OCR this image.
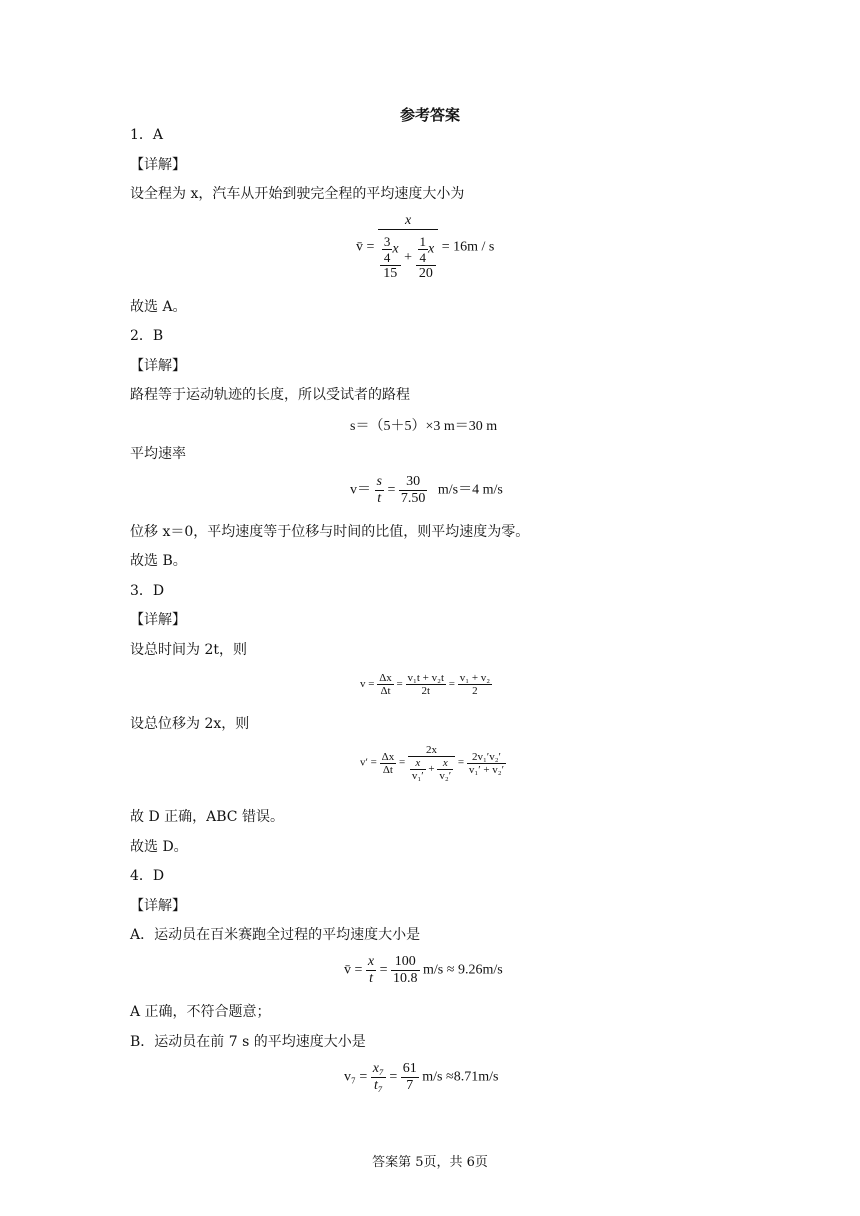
参考答案
1．A
【详解】
设全程为 x，汽车从开始到驶完全程的平均速度大小为
v̄ =
x
$\frac{\frac{3}{4} x}{15} + \frac{\frac{1}{4} x}{20} = 16m / s$
故选 A。
2．B
【详解】
路程等于运动轨迹的长度，所以受试者的路程
s＝（5＋5）×3 m＝30 m
平均速率
$v= \frac{s}{t} = \frac{30}{7.50} m/s=4$ m/s
位移 x＝0，平均速度等于位移与时间的比值，则平均速度为零。
故选 B。
3．D
【详解】
设总时间为 2t，则
$v = \frac{\Delta x}{\Delta t} = \frac{\text{v₁t + v₂t}}{2t} = \frac{\text{v₁ + v₂}}{2}$
设总位移为 2x，则
$v' = \frac{\Delta x}{\Delta t} = \frac{2x}{\frac{x}{\text{v₁′}} + \frac{x}{\text{v₂′}}} = \frac{\text{2v₁′v₂′}}{\text{v₁′ + v₂′}}$
故 D 正确，ABC 错误。
故选 D。
4．D
【详解】
A．运动员在百米赛跑全过程的平均速度大小是
v̄ = $\frac{x}{t} = \frac{100}{10.8} m/s \approx 9.26m/s$
A 正确，不符合题意；
B．运动员在前 7 s 的平均速度大小是
$v_7 = \frac{\text{x₇}}{\text{t₇}} = \frac{61}{7} m/s \approx 8.71m/s$
答案第 5页，共 6页
